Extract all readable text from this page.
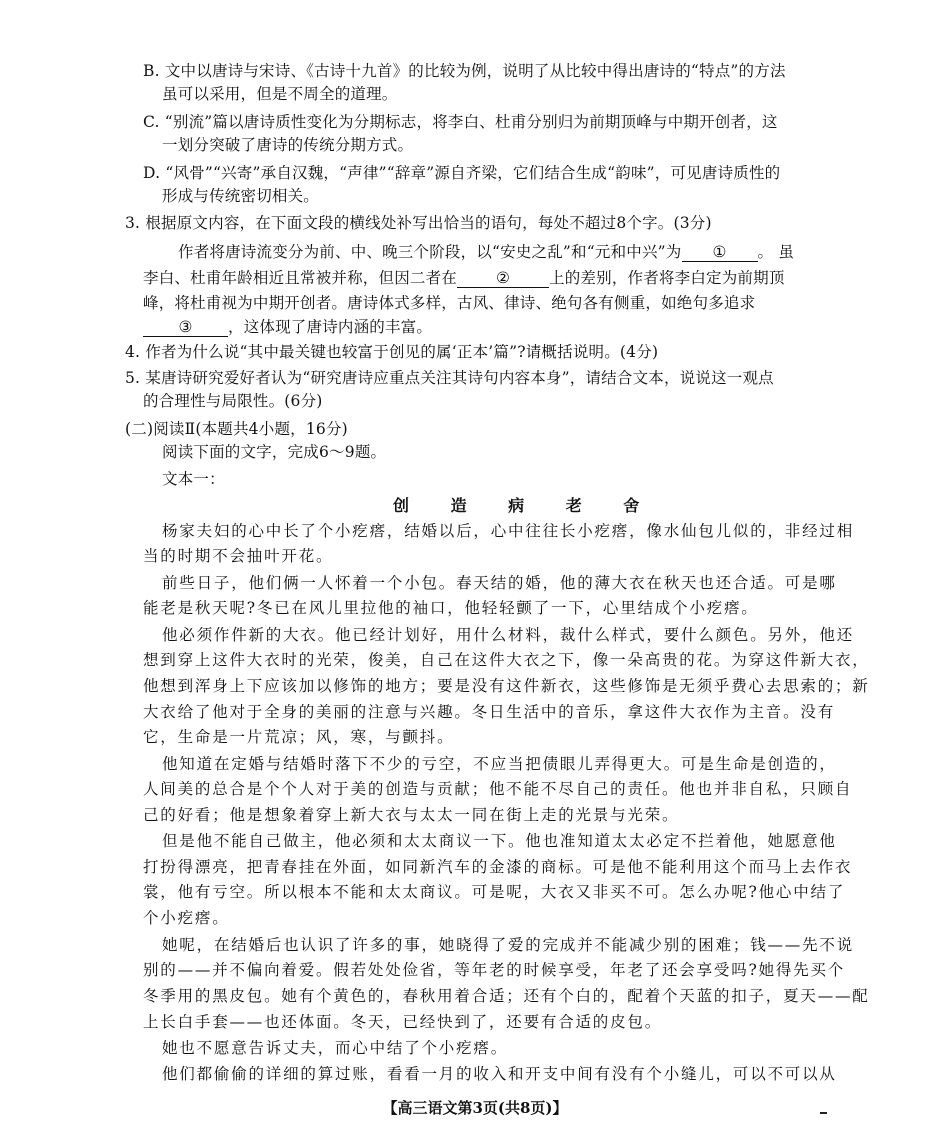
B. 文中以唐诗与宋诗、《古诗十九首》的比较为例，说明了从比较中得出唐诗的“特点”的方法
虽可以采用，但是不周全的道理。
C. “别流”篇以唐诗质性变化为分期标志，将李白、杜甫分别归为前期顶峰与中期开创者，这
一划分突破了唐诗的传统分期方式。
D. “风骨”“兴寄”承自汉魏，“声律”“辞章”源自齐梁，它们结合生成“韵味”，可见唐诗质性的
形成与传统密切相关。
3. 根据原文内容，在下面文段的横线处补写出恰当的语句，每处不超过8个字。(3分)
作者将唐诗流变分为前、中、晚三个阶段，以“安史之乱”和“元和中兴”为 ① 。 虽
李白、杜甫年龄相近且常被并称，但因二者在	②	上的差别，作者将李白定为前期顶
峰，将杜甫视为中期开创者。唐诗体式多样，古风、律诗、绝句各有侧重，如绝句多追求
③ ，这体现了唐诗内涵的丰富。
4. 作者为什么说“其中最关键也较富于创见的属‘正本’篇”?请概括说明。(4分)
5. 某唐诗研究爱好者认为“研究唐诗应重点关注其诗句内容本身”，请结合文本，说说这一观点
的合理性与局限性。(6分)
(二)阅读Ⅱ(本题共4小题，16分)
阅读下面的文字，完成6～9题。
文本一：
创 造 病 老 舍
杨家夫妇的心中长了个小疙瘩，结婚以后，心中往往长小疙瘩，像水仙包儿似的，非经过相
当的时期不会抽叶开花。
前些日子，他们俩一人怀着一个小包。春天结的婚，他的薄大衣在秋天也还合适。可是哪
能老是秋天呢?冬已在风儿里拉他的袖口，他轻轻颤了一下，心里结成个小疙瘩。
他必须作件新的大衣。他已经计划好，用什么材料，裁什么样式，要什么颜色。另外，他还
想到穿上这件大衣时的光荣，俊美，自己在这件大衣之下，像一朵高贵的花。为穿这件新大衣，
他想到浑身上下应该加以修饰的地方；要是没有这件新衣，这些修饰是无须乎费心去思索的；新
大衣给了他对于全身的美丽的注意与兴趣。冬日生活中的音乐，拿这件大衣作为主音。没有
它，生命是一片荒凉；风，寒，与颤抖。
他知道在定婚与结婚时落下不少的亏空，不应当把债眼儿弄得更大。可是生命是创造的，
人间美的总合是个个人对于美的创造与贡献；他不能不尽自己的责任。他也并非自私，只顾自
己的好看；他是想象着穿上新大衣与太太一同在街上走的光景与光荣。
但是他不能自己做主，他必须和太太商议一下。他也准知道太太必定不拦着他，她愿意他
打扮得漂亮，把青春挂在外面，如同新汽车的金漆的商标。可是他不能利用这个而马上去作衣
裳，他有亏空。所以根本不能和太太商议。可是呢，大衣又非买不可。怎么办呢?他心中结了
个小疙瘩。
她呢，在结婚后也认识了许多的事，她晓得了爱的完成并不能减少别的困难；钱——先不说
别的——并不偏向着爱。假若处处俭省，等年老的时候享受，年老了还会享受吗?她得先买个
冬季用的黑皮包。她有个黄色的，春秋用着合适；还有个白的，配着个天蓝的扣子，夏天——配
上长白手套——也还体面。冬天，已经快到了，还要有合适的皮包。
她也不愿意告诉丈夫，而心中结了个小疙瘩。
他们都偷偷的详细的算过账，看看一月的收入和开支中间有没有个小缝儿，可以不可以从
【高三语文第3页(共8页)】
